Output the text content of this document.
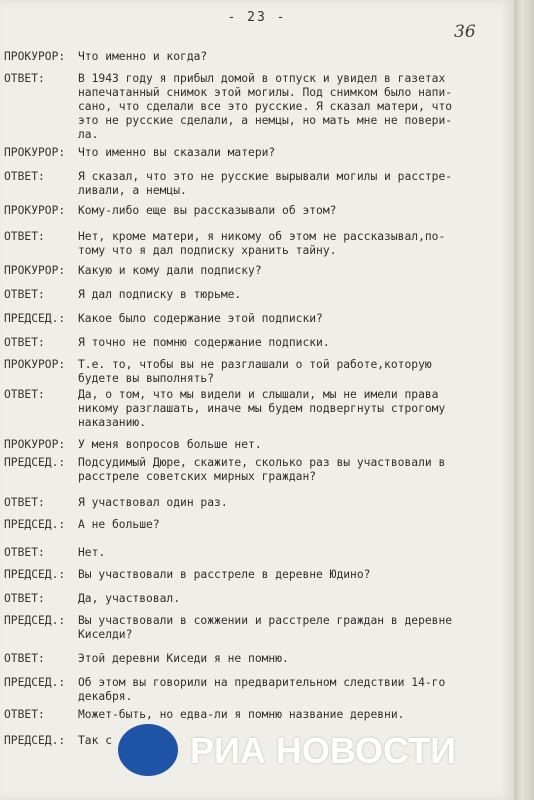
- 23 -
36
ПРОКУРОР:	Что именно и когда?
ОТВЕТ:	В 1943 году я прибыл домой в отпуск и увидел в газетах
напечатанный снимок этой могилы. Под снимком было напи-
сано, что сделали все это русские. Я сказал матери, что
это не русские сделали, а немцы, но мать мне не повери-
ла.
ПРОКУРОР:	Что именно вы сказали матери?
ОТВЕТ:	Я сказал, что это не русские вырывали могилы и расстре-
ливали, а немцы.
ПРОКУРОР:	Кому-либо еще вы рассказывали об этом?
ОТВЕТ:	Нет, кроме матери, я никому об этом не рассказывал,по-
тому что я дал подписку хранить тайну.
ПРОКУРОР:	Какую и кому дали подписку?
ОТВЕТ:	Я дал подписку в тюрьме.
ПРЕДСЕД.:	Какое было содержание этой подписки?
ОТВЕТ:	Я точно не помню содержание подписки.
ПРОКУРОР:	Т.е. то, чтобы вы не разглашали о той работе,которую
будете вы выполнять?
ОТВЕТ:	Да, о том, что мы видели и слышали, мы не имели права
никому разглашать, иначе мы будем подвергнуты строгому
наказанию.
ПРОКУРОР:	У меня вопросов больше нет.
ПРЕДСЕД.:	Подсудимый Дюре, скажите, сколько раз вы участвовали в
расстреле советских мирных граждан?
ОТВЕТ:	Я участвовал один раз.
ПРЕДСЕД.:	А не больше?
ОТВЕТ:	Нет.
ПРЕДСЕД.:	Вы участвовали в расстреле в деревне Юдино?
ОТВЕТ:	Да, участвовал.
ПРЕДСЕД.:	Вы участвовали в сожжении и расстреле граждан в деревне
Киселди?
ОТВЕТ:	Этой деревни Киседи я не помню.
ПРЕДСЕД.:	Об этом вы говорили на предварительном следствии 14-го
декабря.
ОТВЕТ:	Может-быть, но едва-ли я помню название деревни.
ПРЕДСЕД.:	Так с	РИА НОВОСТИ
